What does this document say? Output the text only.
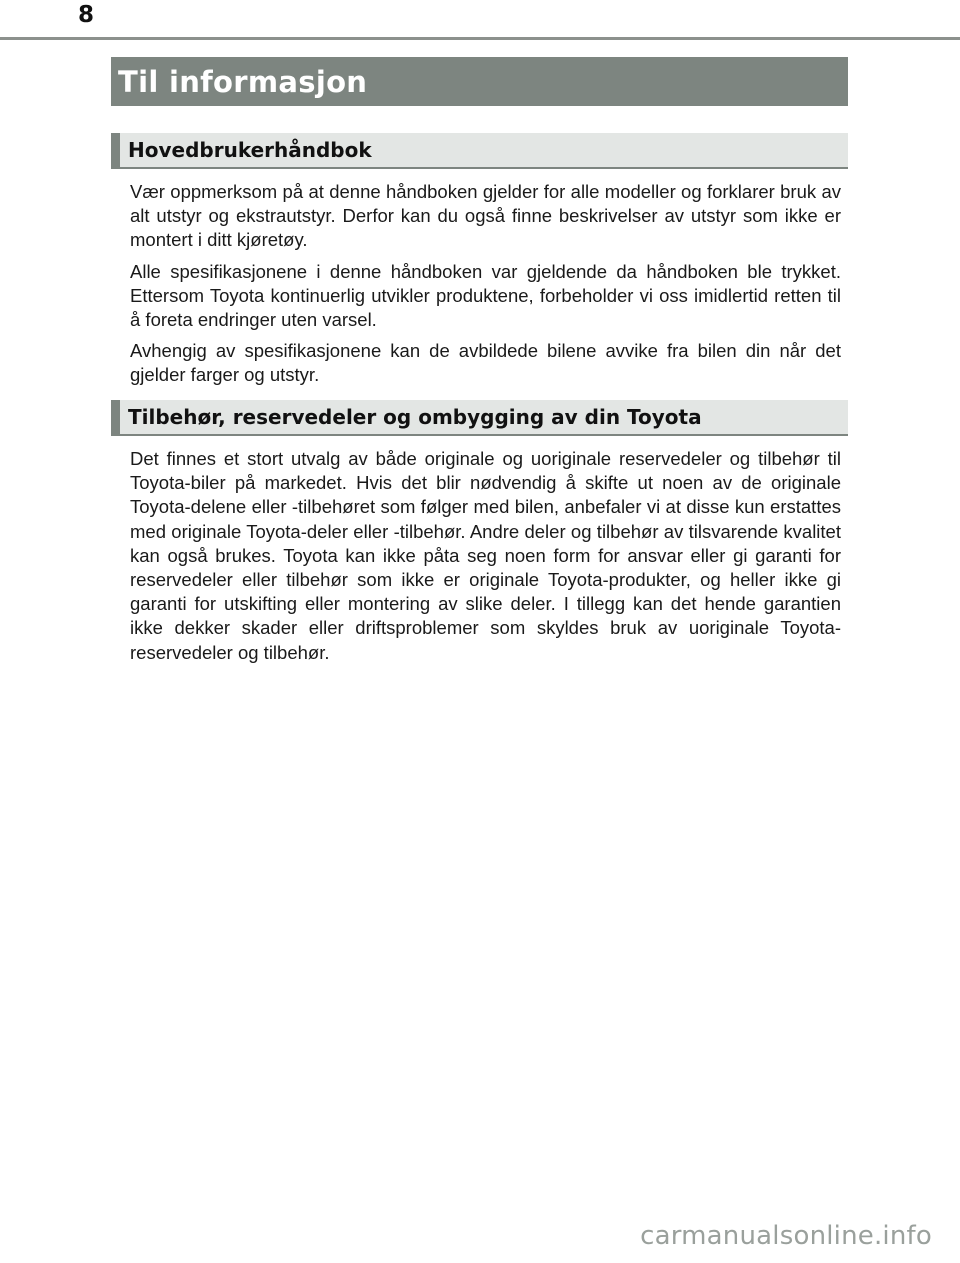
8
Til informasjon
Hovedbrukerhåndbok

Vær oppmerksom på at denne håndboken gjelder for alle modeller og forklarer bruk av alt utstyr og ekstrautstyr. Derfor kan du også finne beskrivelser av utstyr som ikke er montert i ditt kjøretøy.

Alle spesifikasjonene i denne håndboken var gjeldende da håndboken ble trykket. Ettersom Toyota kontinuerlig utvikler produktene, forbeholder vi oss imidlertid retten til å foreta endringer uten varsel.

Avhengig av spesifikasjonene kan de avbildede bilene avvike fra bilen din når det gjelder farger og utstyr.

Tilbehør, reservedeler og ombygging av din Toyota

Det finnes et stort utvalg av både originale og uoriginale reservedeler og tilbehør til Toyota-biler på markedet. Hvis det blir nødvendig å skifte ut noen av de originale Toyota-delene eller -tilbehøret som følger med bilen, anbefaler vi at disse kun erstattes med originale Toyota-deler eller -tilbehør. Andre deler og tilbehør av tilsvarende kvalitet kan også brukes. Toyota kan ikke påta seg noen form for ansvar eller gi garanti for reservedeler eller tilbehør som ikke er originale Toyota-produkter, og heller ikke gi garanti for utskifting eller montering av slike deler. I tillegg kan det hende garantien ikke dekker skader eller driftsproblemer som skyldes bruk av uoriginale Toyota-reservedeler og tilbehør.

carmanualsonline.info
